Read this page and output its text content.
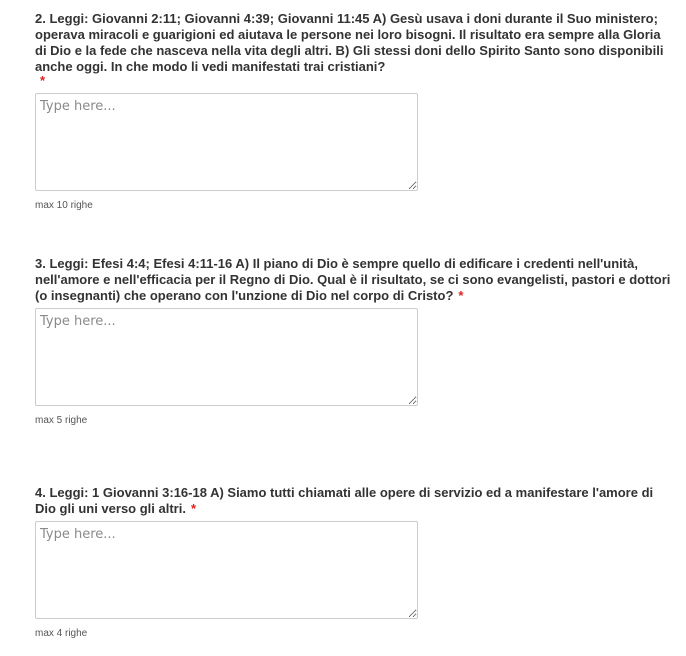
2. Leggi: Giovanni 2:11; Giovanni 4:39; Giovanni 11:45 A) Gesù usava i doni durante il Suo ministero; operava miracoli e guarigioni ed aiutava le persone nei loro bisogni. Il risultato era sempre alla Gloria di Dio e la fede che nasceva nella vita degli altri. B) Gli stessi doni dello Spirito Santo sono disponibili anche oggi. In che modo li vedi manifestati trai cristiani?
*
Type here...
max 10 righe
3. Leggi: Efesi 4:4; Efesi 4:11-16 A) Il piano di Dio è sempre quello di edificare i credenti nell'unità, nell'amore e nell'efficacia per il Regno di Dio. Qual è il risultato, se ci sono evangelisti, pastori e dottori (o insegnanti) che operano con l'unzione di Dio nel corpo di Cristo? *
Type here...
max 5 righe
4. Leggi: 1 Giovanni 3:16-18 A) Siamo tutti chiamati alle opere di servizio ed a manifestare l'amore di Dio gli uni verso gli altri. *
Type here...
max 4 righe
